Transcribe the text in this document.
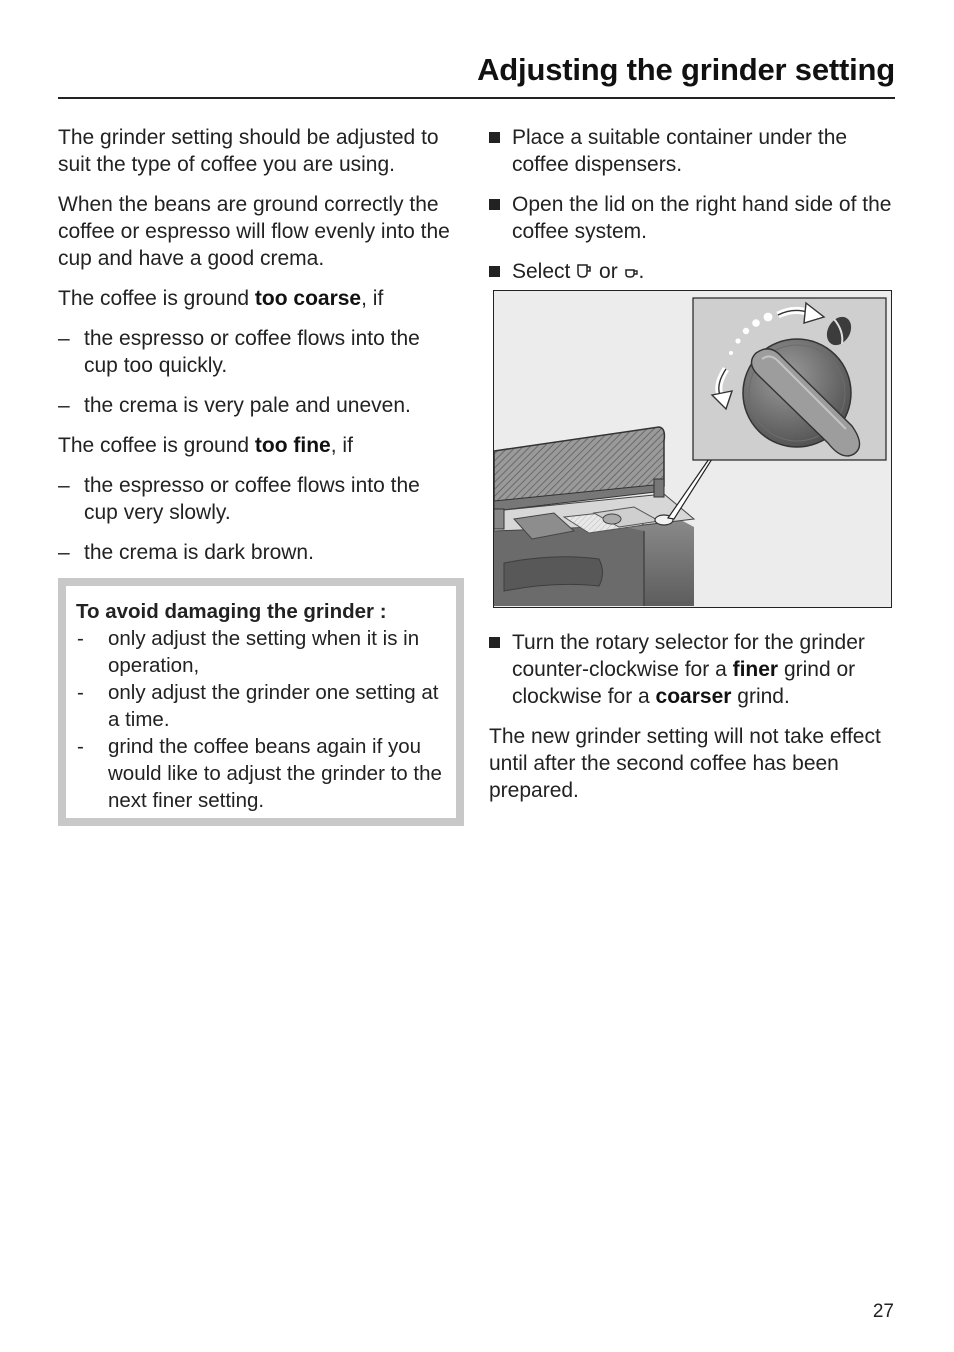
Adjusting the grinder setting

The grinder setting should be adjusted to suit the type of coffee you are using.

When the beans are ground correctly the coffee or espresso will flow evenly into the cup and have a good crema.

The coffee is ground too coarse, if

– the espresso or coffee flows into the cup too quickly.
– the crema is very pale and uneven.

The coffee is ground too fine, if

– the espresso or coffee flows into the cup very slowly.
– the crema is dark brown.

To avoid damaging the grinder :

- only adjust the setting when it is in operation,
- only adjust the grinder one setting at a time.
- grind the coffee beans again if you would like to adjust the grinder to the next finer setting.
Place a suitable container under the coffee dispensers.
Open the lid on the right hand side of the coffee system.
Select  or .
Turn the rotary selector for the grinder counter-clockwise for a finer grind or clockwise for a coarser grind.

The new grinder setting will not take effect until after the second coffee has been prepared.

27
